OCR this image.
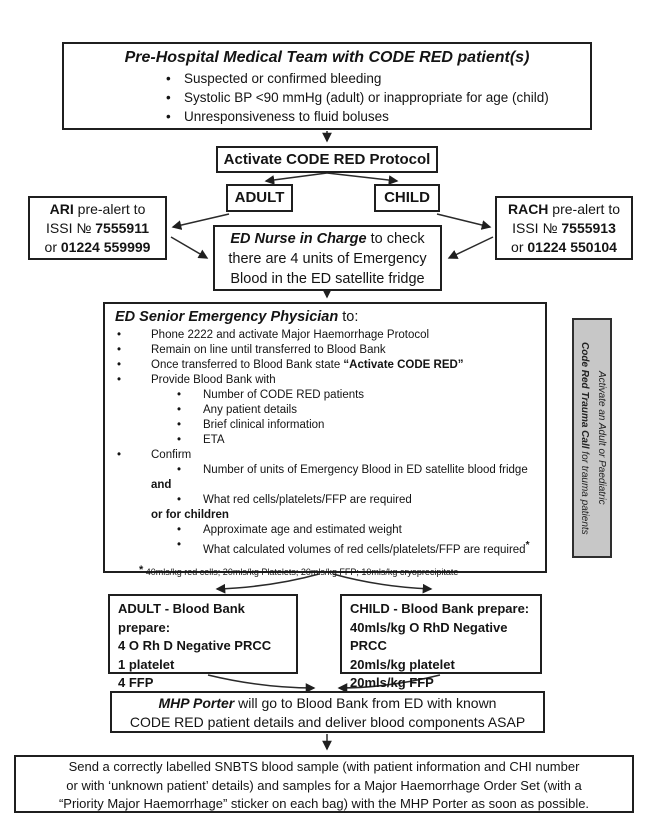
Pre-Hospital Medical Team with CODE RED patient(s)
• Suspected or confirmed bleeding
• Systolic BP <90 mmHg (adult) or inappropriate for age (child)
• Unresponsiveness to fluid boluses
Activate CODE RED Protocol
ADULT	CHILD
ARI pre-alert to
ISSI № 7555911
or 01224 559999
RACH pre-alert to
ISSI № 7555913
or 01224 550104
ED Nurse in Charge to check
there are 4 units of Emergency
Blood in the ED satellite fridge
ED Senior Emergency Physician to:
•	Phone 2222 and activate Major Haemorrhage Protocol
•	Remain on line until transferred to Blood Bank
•	Once transferred to Blood Bank state “Activate CODE RED”
•	Provide Blood Bank with
•	Number of CODE RED patients
•	Any patient details
•	Brief clinical information
•	ETA
•	Confirm
•	Number of units of Emergency Blood in ED satellite blood fridge
and
•	What red cells/platelets/FFP are required
or for children
•	Approximate age and estimated weight
•	What calculated volumes of red cells/platelets/FFP are required*
* 40mls/kg red cells; 20mls/kg Platelets; 20mls/kg FFP; 10mls/kg cryoprecipitate
Activate an Adult or Paediatric
Code Red Trauma Call for trauma patients
ADULT - Blood Bank prepare:
4 O Rh D Negative PRCC
1 platelet
4 FFP
CHILD - Blood Bank prepare:
40mls/kg O RhD Negative PRCC
20mls/kg platelet
20mls/kg FFP
MHP Porter will go to Blood Bank from ED with known
CODE RED patient details and deliver blood components ASAP
Send a correctly labelled SNBTS blood sample (with patient information and CHI number
or with ‘unknown patient’ details) and samples for a Major Haemorrhage Order Set (with a
“Priority Major Haemorrhage” sticker on each bag) with the MHP Porter as soon as possible.
